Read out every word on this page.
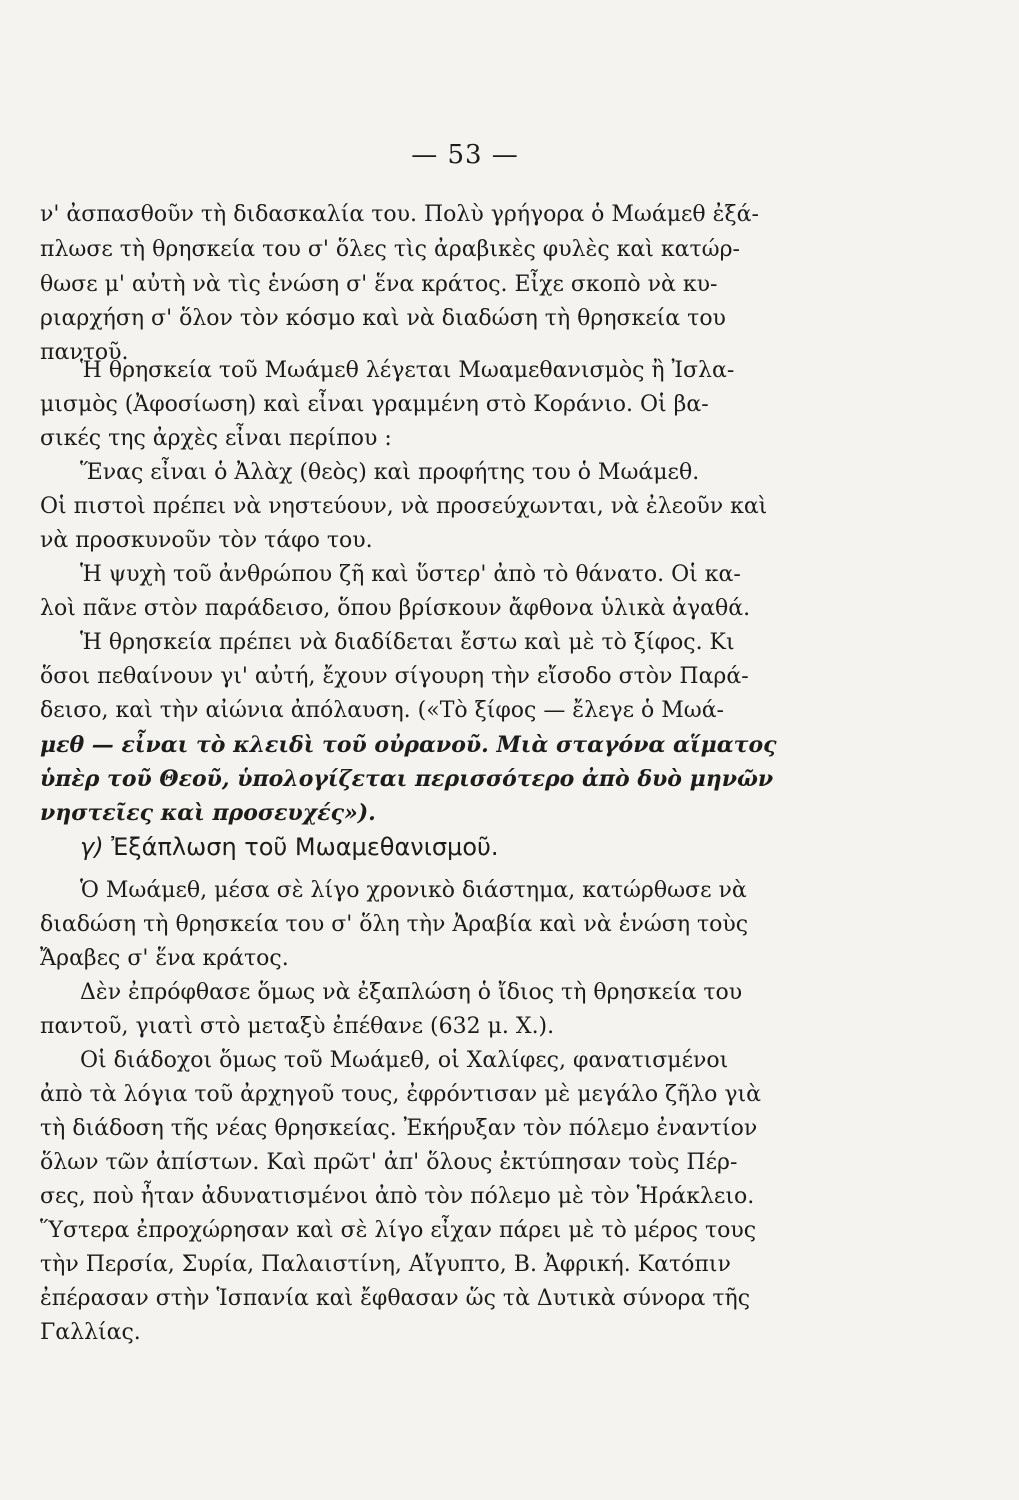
— 53 —
ν' ἀσπασθοῦν τὴ διδασκαλία του. Πολὺ γρήγορα ὁ Μωάμεθ ἐξά-
πλωσε τὴ θρησκεία του σ' ὅλες τὶς ἀραβικὲς φυλὲς καὶ κατώρ-
θωσε μ' αὐτὴ νὰ τὶς ἑνώση σ' ἕνα κράτος. Εἶχε σκοπὸ νὰ κυ-
ριαρχήση σ' ὅλον τὸν κόσμο καὶ νὰ διαδώση τὴ θρησκεία του
παντοῦ.
Ἡ θρησκεία τοῦ Μωάμεθ λέγεται Μωαμεθανισμὸς ἢ Ἰσλα-
μισμὸς (Ἀφοσίωση) καὶ εἶναι γραμμένη στὸ Κοράνιο. Οἱ βα-
σικές της ἀρχὲς εἶναι περίπου :
Ἕνας εἶναι ὁ Ἀλὰχ (θεὸς) καὶ προφήτης του ὁ Μωάμεθ.
Οἱ πιστοὶ πρέπει νὰ νηστεύουν, νὰ προσεύχωνται, νὰ ἐλεοῦν καὶ
νὰ προσκυνοῦν τὸν τάφο του.
Ἡ ψυχὴ τοῦ ἀνθρώπου ζῆ καὶ ὕστερ' ἀπὸ τὸ θάνατο. Οἱ κα-
λοὶ πᾶνε στὸν παράδεισο, ὅπου βρίσκουν ἄφθονα ὑλικὰ ἀγαθά.
Ἡ θρησκεία πρέπει νὰ διαδίδεται ἔστω καὶ μὲ τὸ ξίφος. Κι
ὅσοι πεθαίνουν γι' αὐτή, ἔχουν σίγουρη τὴν εἴσοδο στὸν Παρά-
δεισο, καὶ τὴν αἰώνια ἀπόλαυση. («Τὸ ξίφος — ἔλεγε ὁ Μωά-
μεθ — εἶναι τὸ κλειδὶ τοῦ οὐρανοῦ. Μιὰ σταγόνα αἵματος
ὑπὲρ τοῦ Θεοῦ, ὑπολογίζεται περισσότερο ἀπὸ δυὸ μηνῶν
νηστεῖες καὶ προσευχές»).
γ) Ἐξάπλωση τοῦ Μωαμεθανισμοῦ.
Ὁ Μωάμεθ, μέσα σὲ λίγο χρονικὸ διάστημα, κατώρθωσε νὰ
διαδώση τὴ θρησκεία του σ' ὅλη τὴν Ἀραβία καὶ νὰ ἑνώση τοὺς
Ἄραβες σ' ἕνα κράτος.
Δὲν ἐπρόφθασε ὅμως νὰ ἐξαπλώση ὁ ἴδιος τὴ θρησκεία του
παντοῦ, γιατὶ στὸ μεταξὺ ἐπέθανε (632 μ. Χ.).
Οἱ διάδοχοι ὅμως τοῦ Μωάμεθ, οἱ Χαλίφες, φανατισμένοι
ἀπὸ τὰ λόγια τοῦ ἀρχηγοῦ τους, ἐφρόντισαν μὲ μεγάλο ζῆλο γιὰ
τὴ διάδοση τῆς νέας θρησκείας. Ἐκήρυξαν τὸν πόλεμο ἐναντίον
ὅλων τῶν ἀπίστων. Καὶ πρῶτ' ἀπ' ὅλους ἐκτύπησαν τοὺς Πέρ-
σες, ποὺ ἦταν ἀδυνατισμένοι ἀπὸ τὸν πόλεμο μὲ τὸν Ἡράκλειο.
Ὕστερα ἐπροχώρησαν καὶ σὲ λίγο εἶχαν πάρει μὲ τὸ μέρος τους
τὴν Περσία, Συρία, Παλαιστίνη, Αἴγυπτο, Β. Ἀφρική. Κατόπιν
ἐπέρασαν στὴν Ἱσπανία καὶ ἔφθασαν ὥς τὰ Δυτικὰ σύνορα τῆς
Γαλλίας.
